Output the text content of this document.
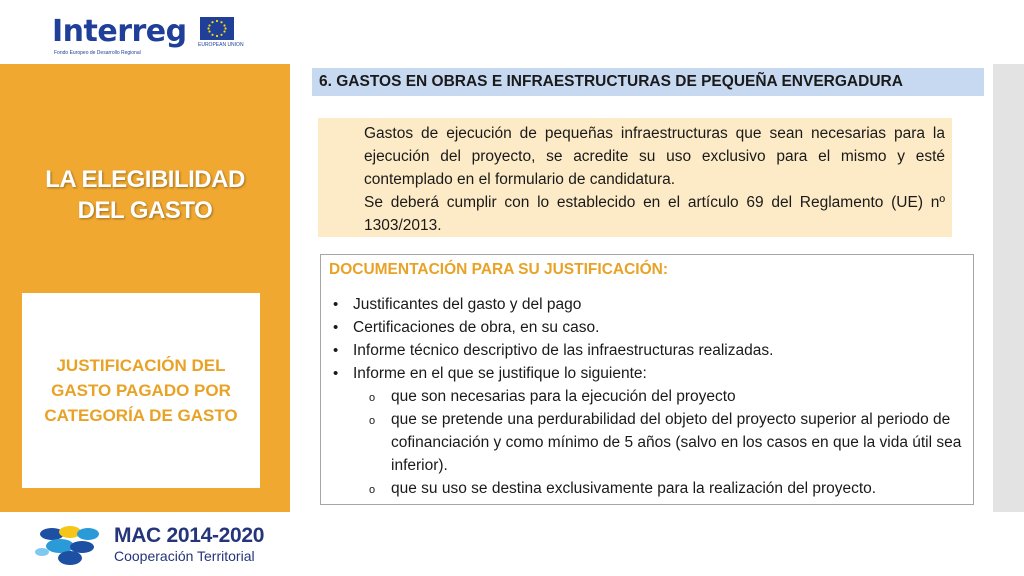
Interreg
Fondo Europeo de Desarrollo Regional
EUROPEAN UNION
LA ELEGIBILIDAD
DEL GASTO
JUSTIFICACIÓN DEL
GASTO PAGADO POR
CATEGORÍA DE GASTO
6. GASTOS EN OBRAS E INFRAESTRUCTURAS DE PEQUEÑA ENVERGADURA

Gastos de ejecución de pequeñas infraestructuras que sean necesarias para la ejecución del proyecto, se acredite su uso exclusivo para el mismo y esté contemplado en el formulario de candidatura.

Se deberá cumplir con lo establecido en el artículo 69 del Reglamento (UE) nº 1303/2013.

DOCUMENTACIÓN PARA SU JUSTIFICACIÓN:
• Justificantes del gasto y del pago
• Certificaciones de obra, en su caso.
• Informe técnico descriptivo de las infraestructuras realizadas.
• Informe en el que se justifique lo siguiente:
o que son necesarias para la ejecución del proyecto
o que se pretende una perdurabilidad del objeto del proyecto superior al periodo de cofinanciación y como mínimo de 5 años (salvo en los casos en que la vida útil sea inferior).
o que su uso se destina exclusivamente para la realización del proyecto.
MAC 2014-2020
Cooperación Territorial
